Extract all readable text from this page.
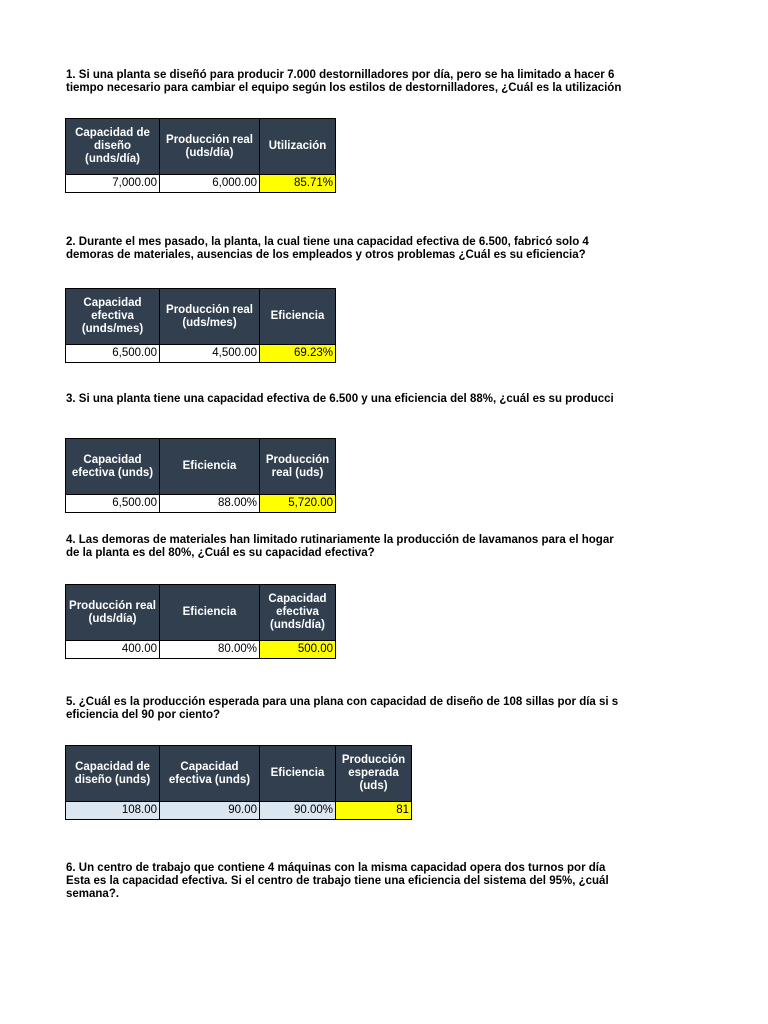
1. Si una planta se diseñó para producir 7.000 destornilladores por día, pero se ha limitado a hacer 6
tiempo necesario para cambiar el equipo según los estilos de destornilladores, ¿Cuál es la utilización
Capacidad de diseño (unds/día)	Producción real (uds/día)	Utilización
7,000.00	6,000.00	85.71%
2. Durante el mes pasado, la planta, la cual tiene una capacidad efectiva de 6.500, fabricó solo 4
demoras de materiales, ausencias de los empleados y otros problemas ¿Cuál es su eficiencia?
Capacidad efectiva (unds/mes)	Producción real (uds/mes)	Eficiencia
6,500.00	4,500.00	69.23%
3. Si una planta tiene una capacidad efectiva de 6.500 y una eficiencia del 88%, ¿cuál es su producci
Capacidad efectiva (unds)	Eficiencia	Producción real (uds)
6,500.00	88.00%	5,720.00
4. Las demoras de materiales han limitado rutinariamente la producción de lavamanos para el hogar
de la planta es del 80%, ¿Cuál es su capacidad efectiva?
Producción real (uds/día)	Eficiencia	Capacidad efectiva (unds/día)
400.00	80.00%	500.00
5. ¿Cuál es la producción esperada para una plana con capacidad de diseño de 108 sillas por día si s
eficiencia del 90 por ciento?
Capacidad de diseño (unds)	Capacidad efectiva (unds)	Eficiencia	Producción esperada (uds)
108.00	90.00	90.00%	81
6. Un centro de trabajo que contiene 4 máquinas con la misma capacidad opera dos turnos por día
Esta es la capacidad efectiva. Si el centro de trabajo tiene una eficiencia del sistema del 95%, ¿cuál
semana?.
